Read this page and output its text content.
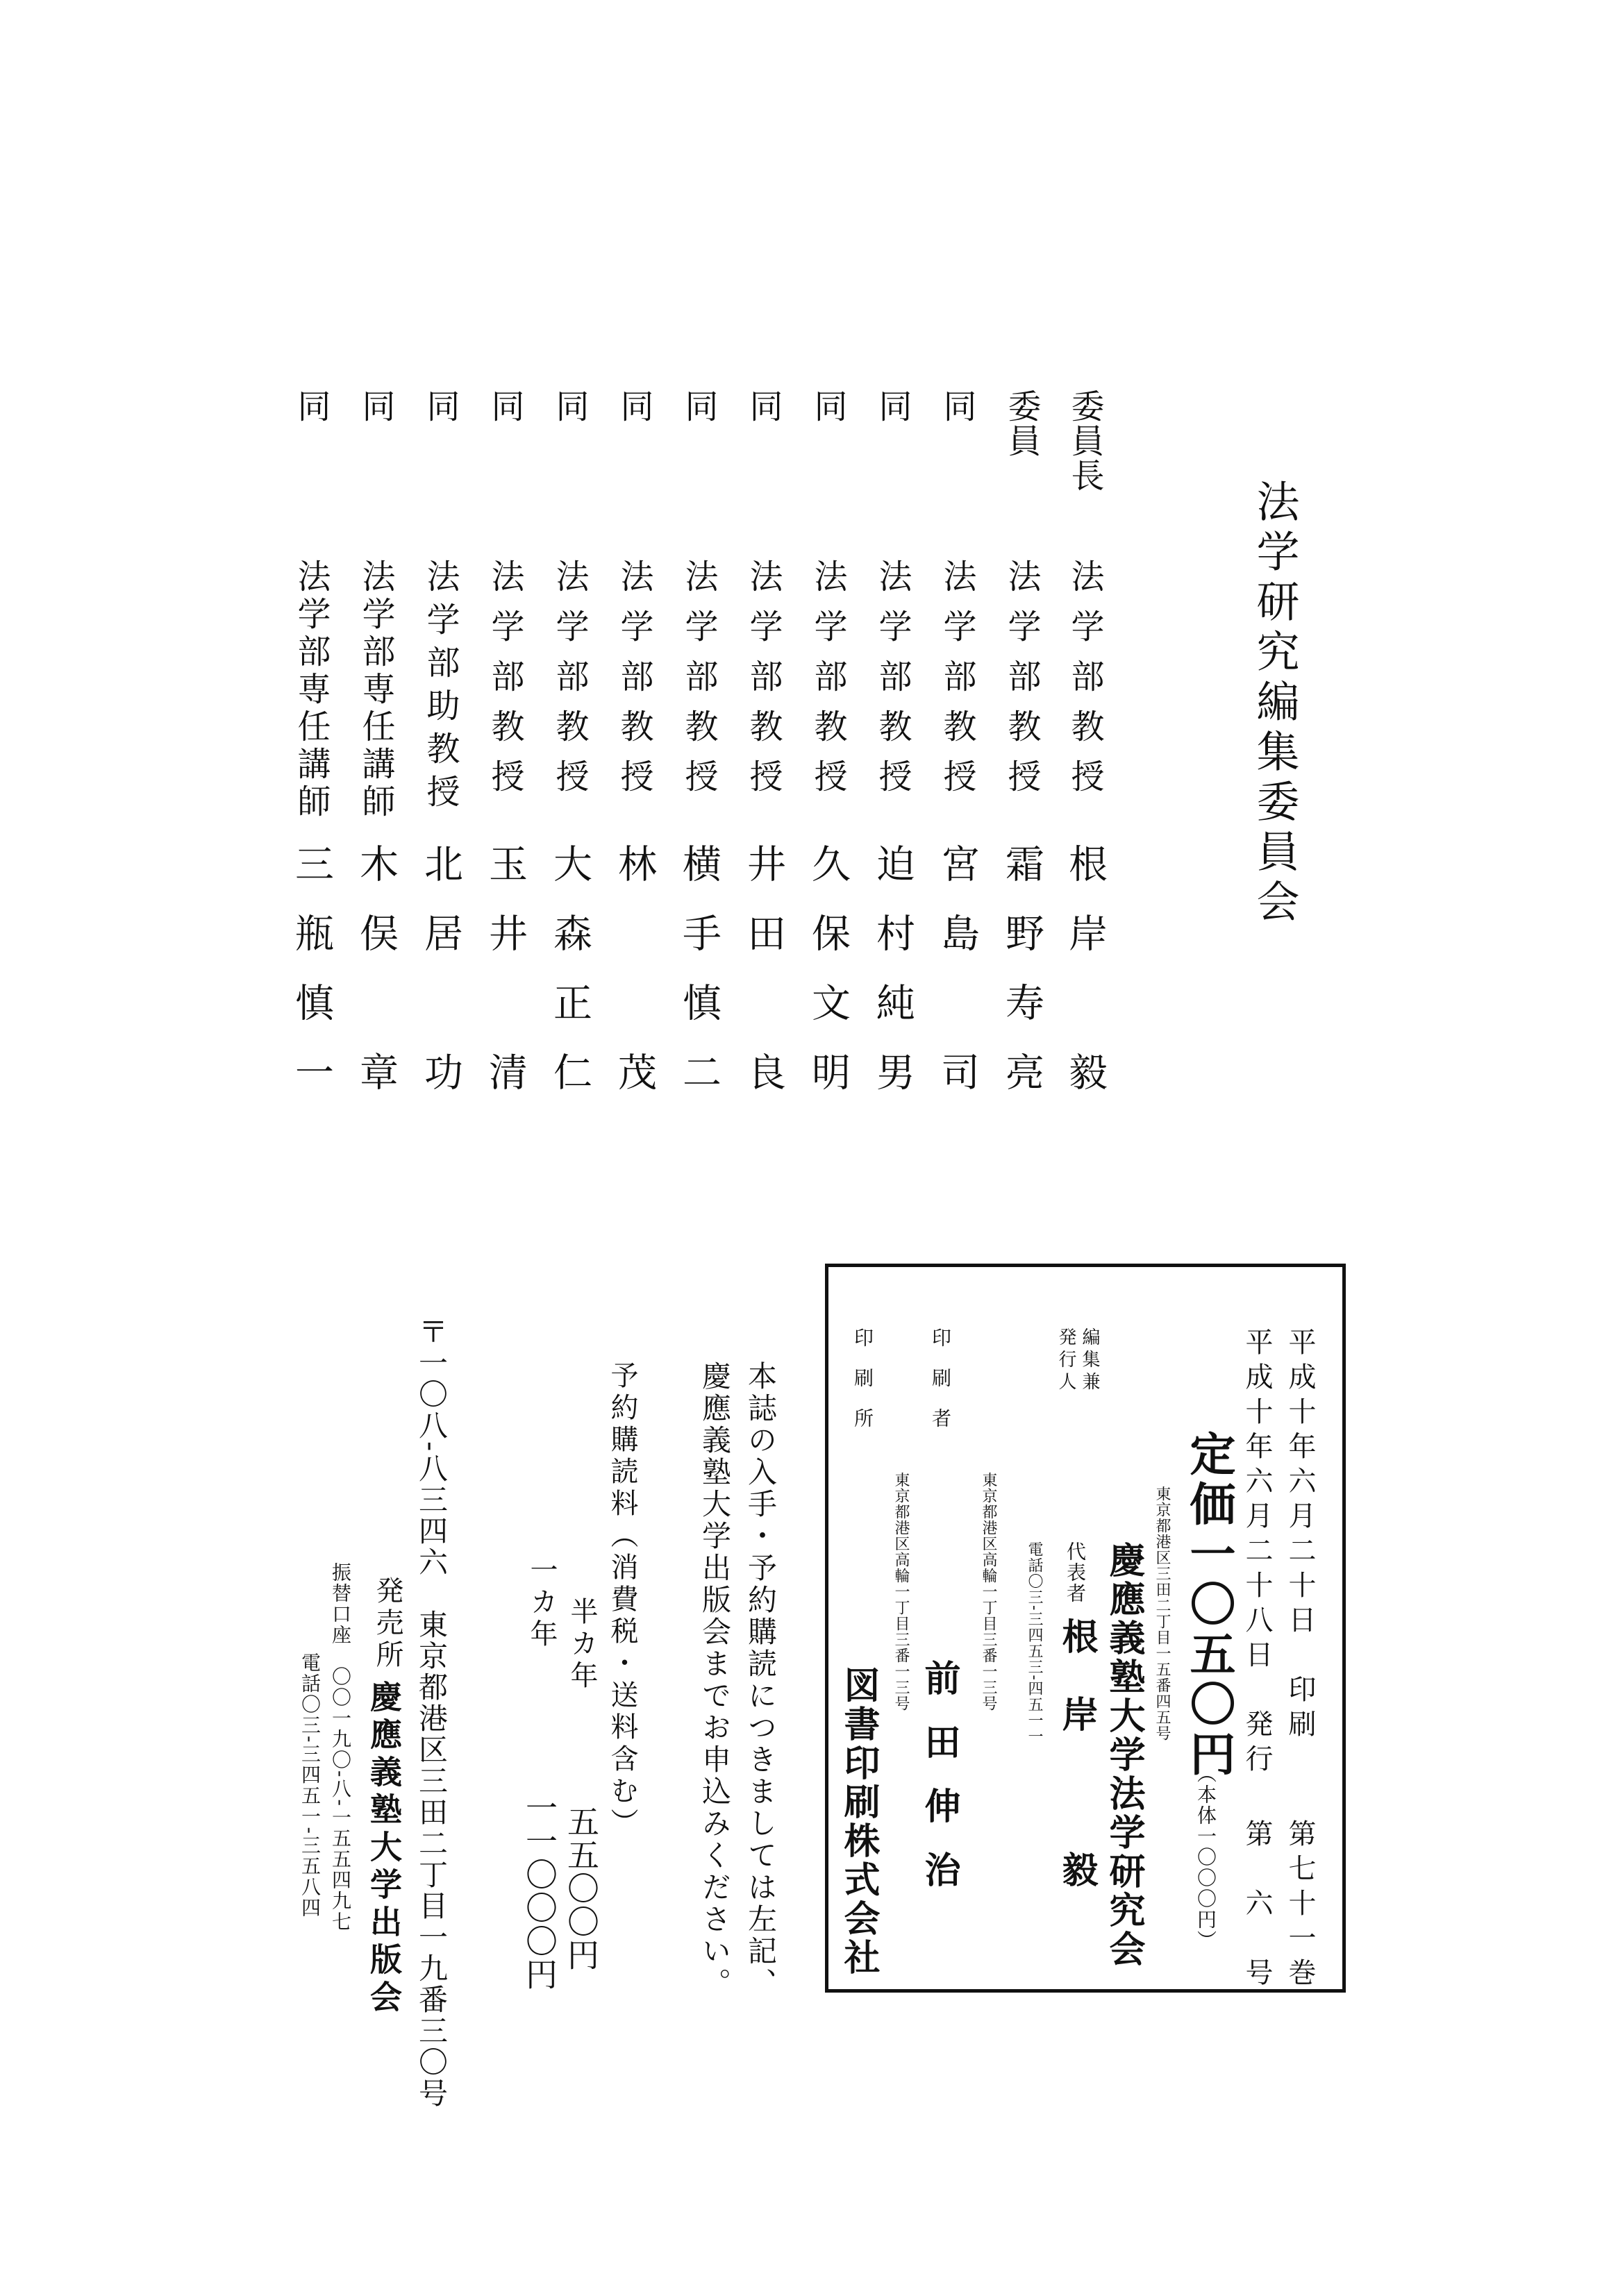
法学研究編集委員会
委員長
法学部教授
根岸　毅
委員
法学部教授
霜野寿亮
同
法学部教授
宮島　司
同
法学部教授
迫村純男
同
法学部教授
久保文明
同
法学部教授
井田　良
同
法学部教授
横手慎二
同
法学部教授
林　　茂
同
法学部教授
大森正仁
同
法学部教授
玉井　清
同
法学部助教授
北居　功
同
法学部専任講師
木俣　章
同
法学部専任講師
三瓶慎一
平成十年六月二十日　印刷
第七十一巻
平成十年六月二十八日　発行
第　六　号
定価一〇五〇円
（本体一〇〇〇円）
編集兼
発行人
東京都港区三田二丁目一五番四五号
慶應義塾大学法学研究会
代表者
根岸　毅
電話〇三‐三四五三‐四五一一
印刷者
東京都港区高輪一丁目三番一三号
前田伸治
印刷所
東京都港区高輪一丁目三番一三号
図書印刷株式会社
本誌の入手・予約購読につきましては左記、
慶應義塾大学出版会までお申込みください。
予約購読料（消費税・送料含む）
半カ年
五五〇〇円
一カ年
一一〇〇〇円
〒一〇八‐八三四六　東京都港区三田二丁目一九番三〇号
発売所
慶應義塾大学出版会
振替口座　〇〇一九〇‐八‐一五五四九七
電話〇三‐三四五一‐三五八四
